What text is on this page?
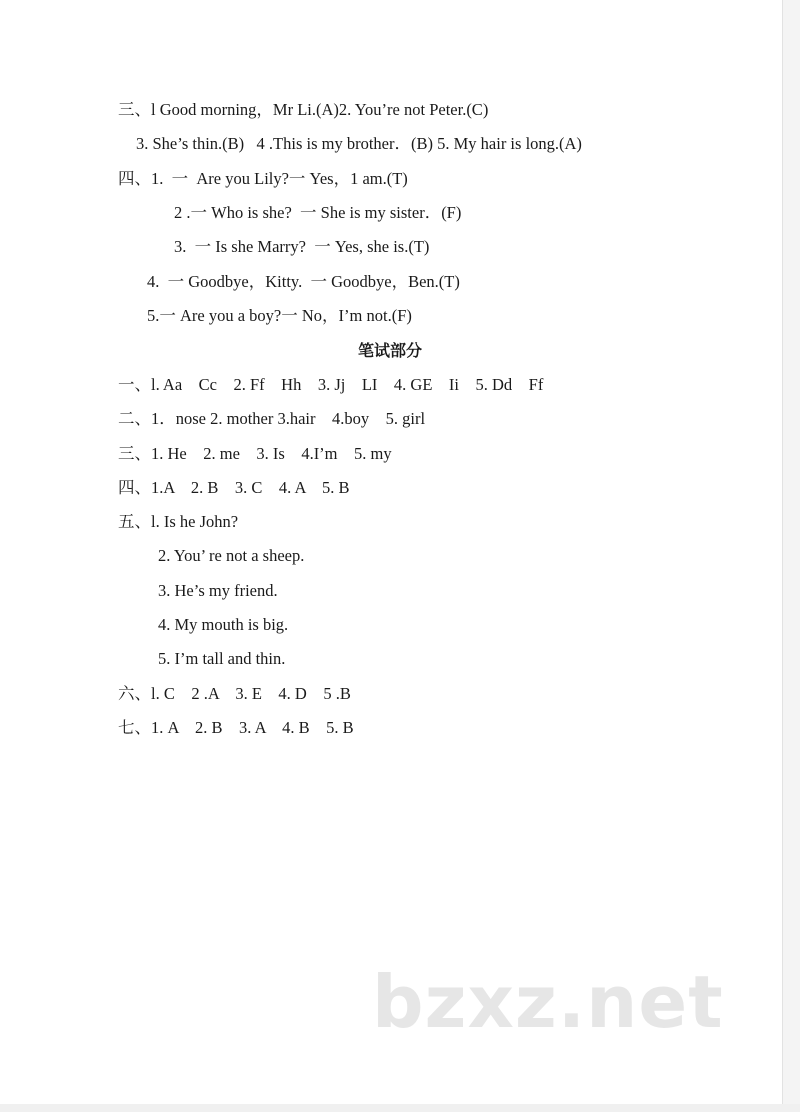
三、l Good morning，Mr Li.(A)2. You’re not Peter.(C)
3. She’s thin.(B)   4 .This is my brother．(B) 5. My hair is long.(A)
四、1.  一  Are you Lily?一 Yes，1 am.(T)
2 .一 Who is she?  一 She is my sister．(F)
3.  一 Is she Marry?  一 Yes, she is.(T)
4.  一 Goodbye，Kitty.  一 Goodbye，Ben.(T)
5.一 Are you a boy?一 No，I’m not.(F)
笔试部分
一、l. Aa    Cc    2. Ff    Hh    3. Jj    LI    4. GE    Ii    5. Dd    Ff
二、1．nose 2. mother 3.hair    4.boy    5. girl
三、1. He    2. me    3. Is    4.I’m    5. my
四、1.A    2. B    3. C    4. A    5. B
五、l. Is he John?
2. You’ re not a sheep.
3. He’s my friend.
4. My mouth is big.
5. I’m tall and thin.
六、l. C    2 .A    3. E    4. D    5 .B
七、1. A    2. B    3. A    4. B    5. B
bzxz.net
